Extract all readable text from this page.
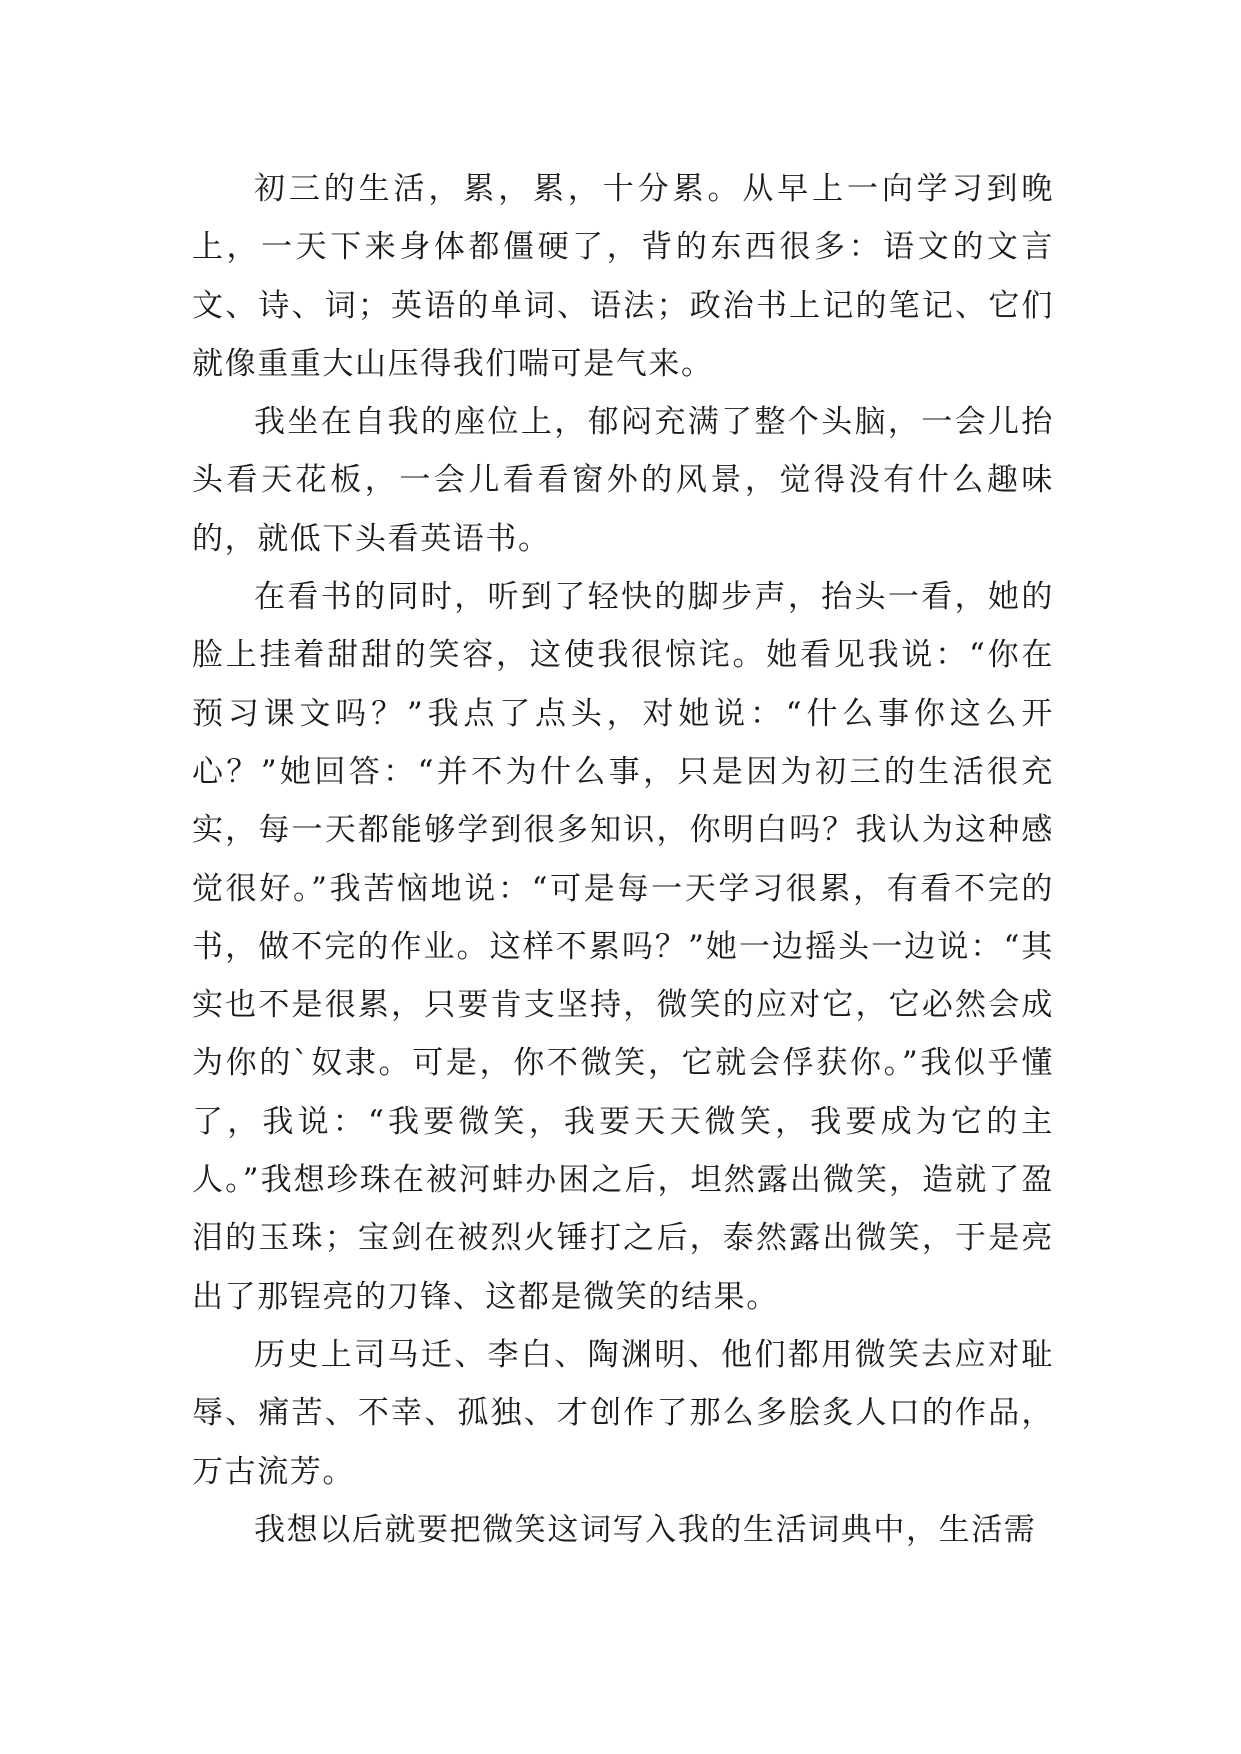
初三的生活，累，累，十分累。从早上一向学习到晚上，一天下来身体都僵硬了，背的东西很多：语文的文言文、诗、词；英语的单词、语法；政治书上记的笔记、它们就像重重大山压得我们喘可是气来。

我坐在自我的座位上，郁闷充满了整个头脑，一会儿抬头看天花板，一会儿看看窗外的风景，觉得没有什么趣味的，就低下头看英语书。

在看书的同时，听到了轻快的脚步声，抬头一看，她的脸上挂着甜甜的笑容，这使我很惊诧。她看见我说：“你在预习课文吗？”我点了点头，对她说：“什么事你这么开心？”她回答：“并不为什么事，只是因为初三的生活很充实，每一天都能够学到很多知识，你明白吗？我认为这种感觉很好。”我苦恼地说：“可是每一天学习很累，有看不完的书，做不完的作业。这样不累吗？”她一边摇头一边说：“其实也不是很累，只要肯支坚持，微笑的应对它，它必然会成为你的`奴隶。可是，你不微笑，它就会俘获你。”我似乎懂了，我说：“我要微笑，我要天天微笑，我要成为它的主人。”我想珍珠在被河蚌办困之后，坦然露出微笑，造就了盈泪的玉珠；宝剑在被烈火锤打之后，泰然露出微笑，于是亮出了那锃亮的刀锋、这都是微笑的结果。

历史上司马迁、李白、陶渊明、他们都用微笑去应对耻辱、痛苦、不幸、孤独、才创作了那么多脍炙人口的作品，万古流芳。

我想以后就要把微笑这词写入我的生活词典中，生活需
